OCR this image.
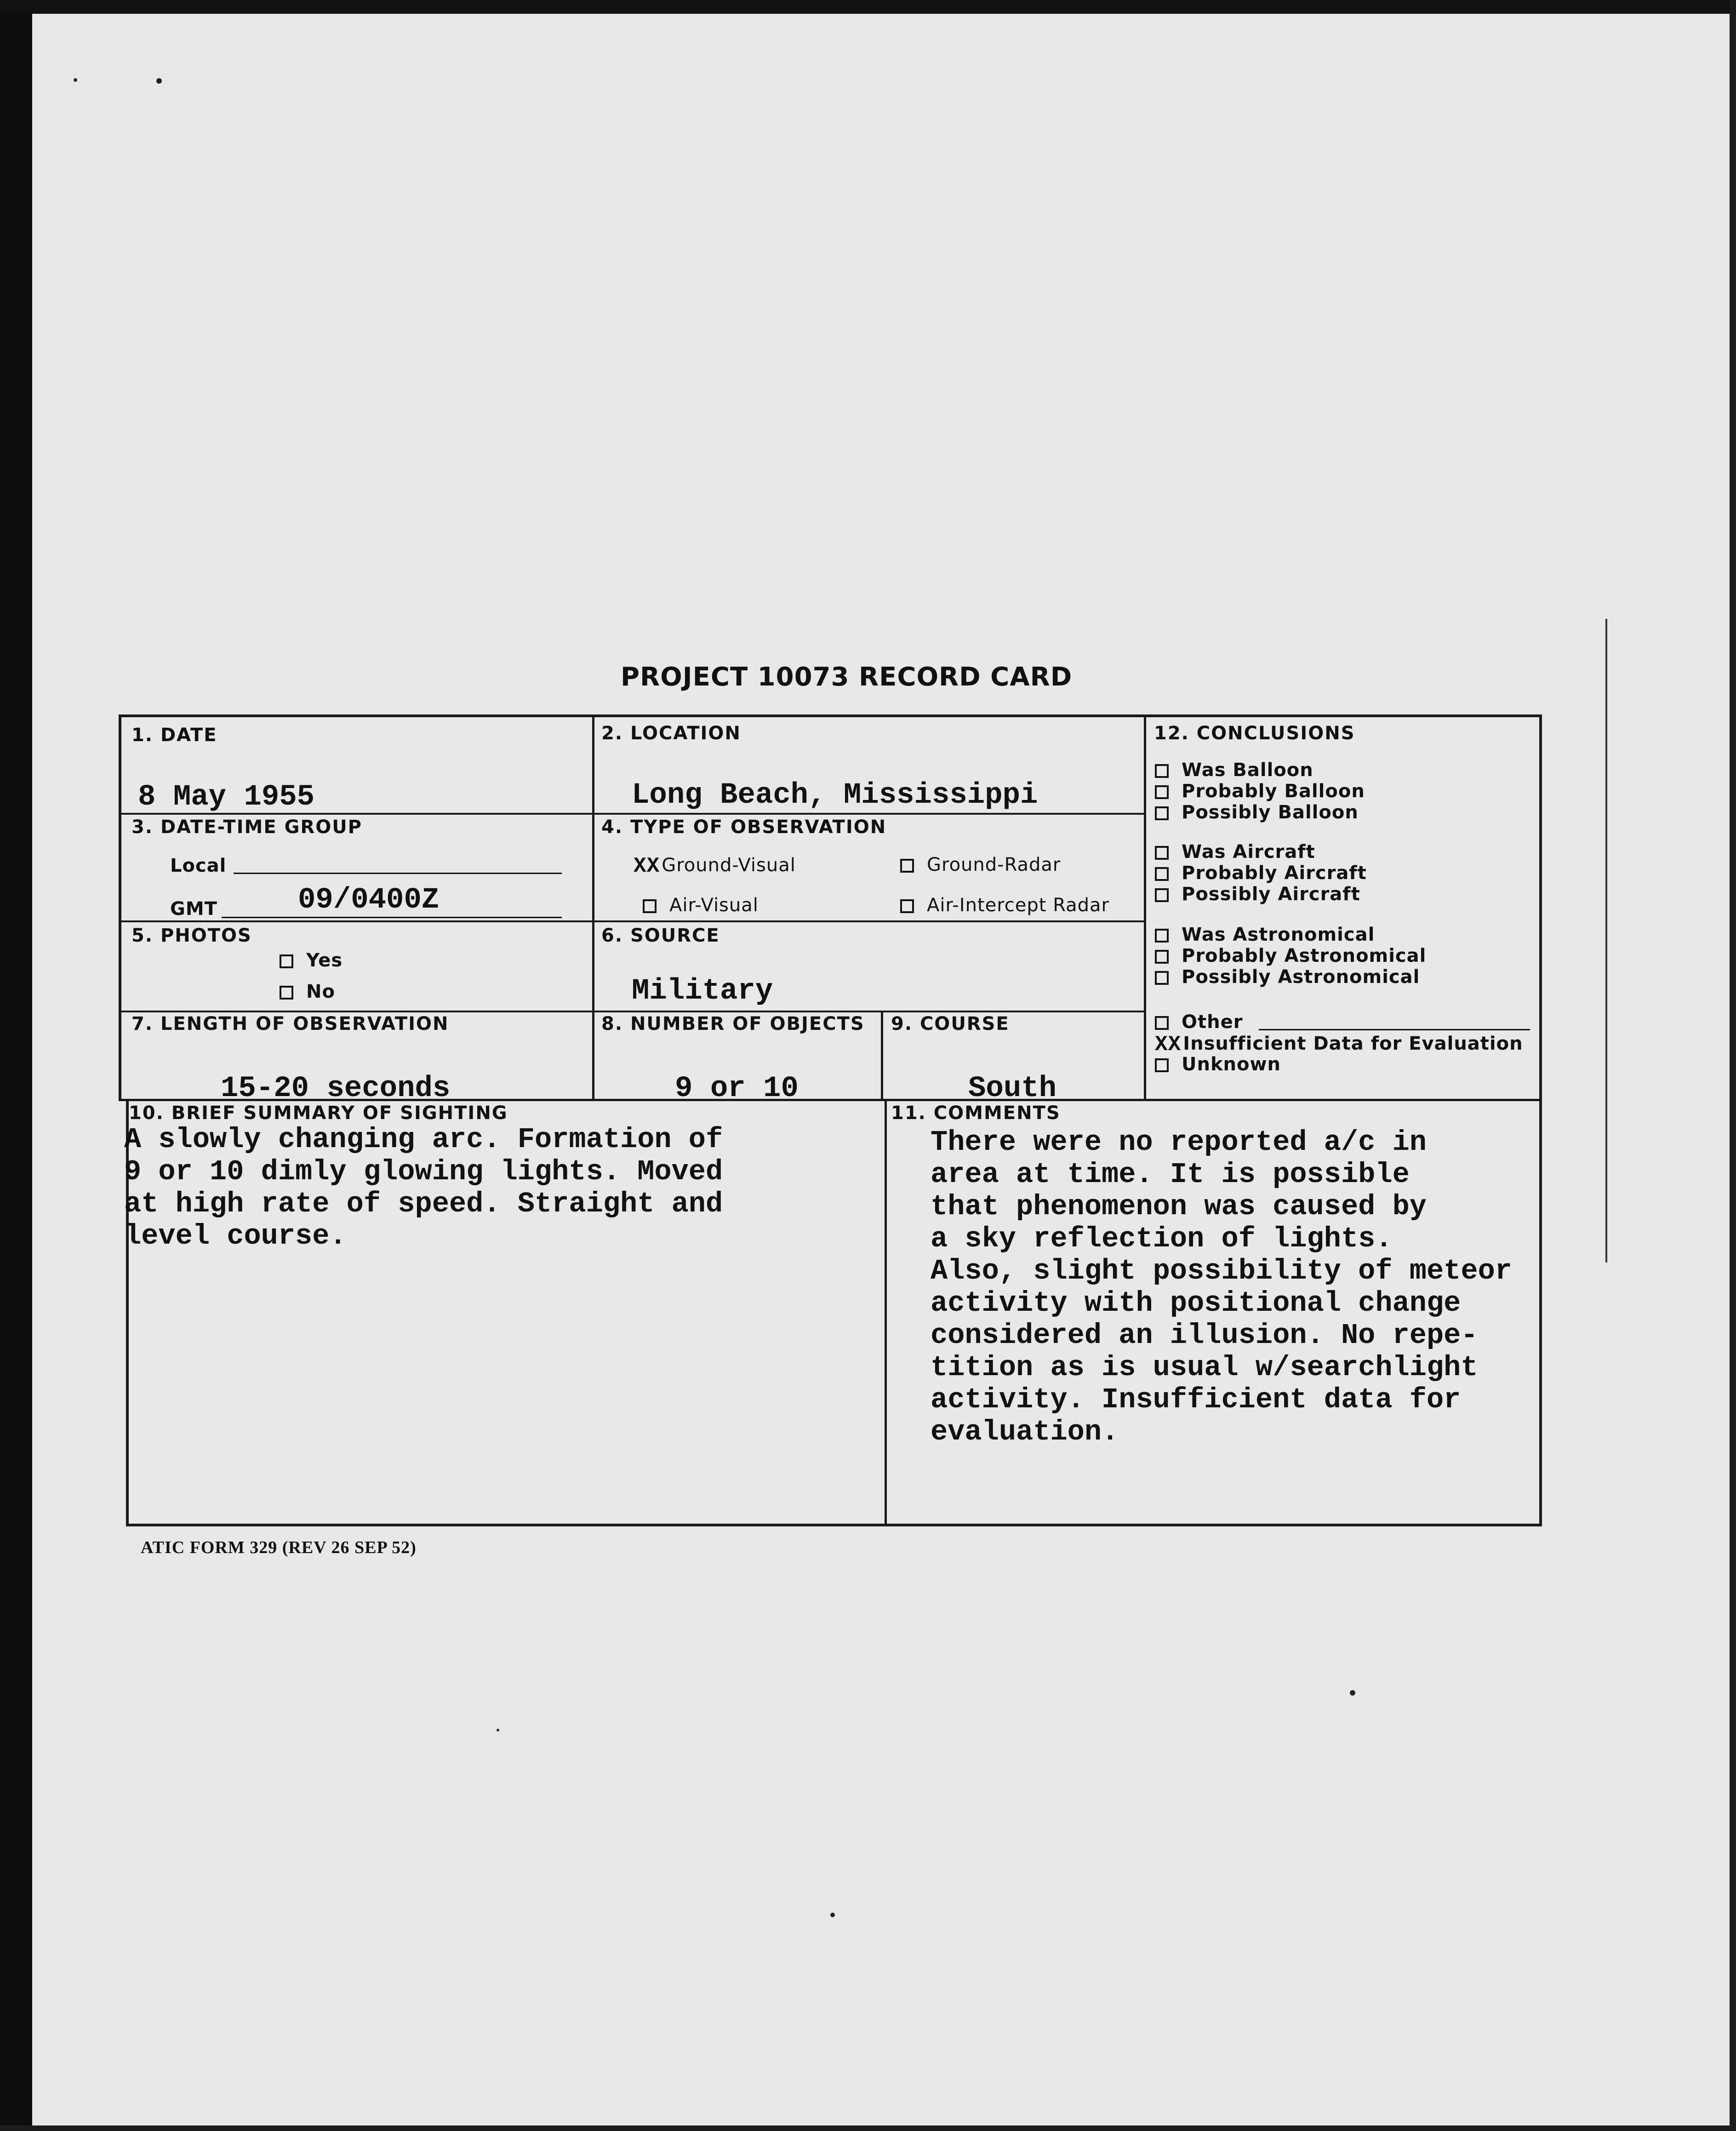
PROJECT 10073 RECORD CARD
1. DATE
8 May 1955
2. LOCATION
Long Beach, Mississippi
3. DATE-TIME GROUP
Local
GMT	09/0400Z
4. TYPE OF OBSERVATION
XX Ground-Visual	Ground-Radar
Air-Visual	Air-Intercept Radar
5. PHOTOS
Yes
No
6. SOURCE
Military
7. LENGTH OF OBSERVATION
15-20 seconds
8. NUMBER OF OBJECTS
9 or 10
9. COURSE
South
12. CONCLUSIONS
Was Balloon
Probably Balloon
Possibly Balloon
Was Aircraft
Probably Aircraft
Possibly Aircraft
Was Astronomical
Probably Astronomical
Possibly Astronomical
Other
XX Insufficient Data for Evaluation
Unknown
10. BRIEF SUMMARY OF SIGHTING
A slowly changing arc. Formation of
9 or 10 dimly glowing lights. Moved
at high rate of speed. Straight and
level course.
11. COMMENTS
There were no reported a/c in
area at time. It is possible
that phenomenon was caused by
a sky reflection of lights.
Also, slight possibility of meteor
activity with positional change
considered an illusion. No repe-
tition as is usual w/searchlight
activity. Insufficient data for
evaluation.
ATIC FORM 329 (REV 26 SEP 52)
